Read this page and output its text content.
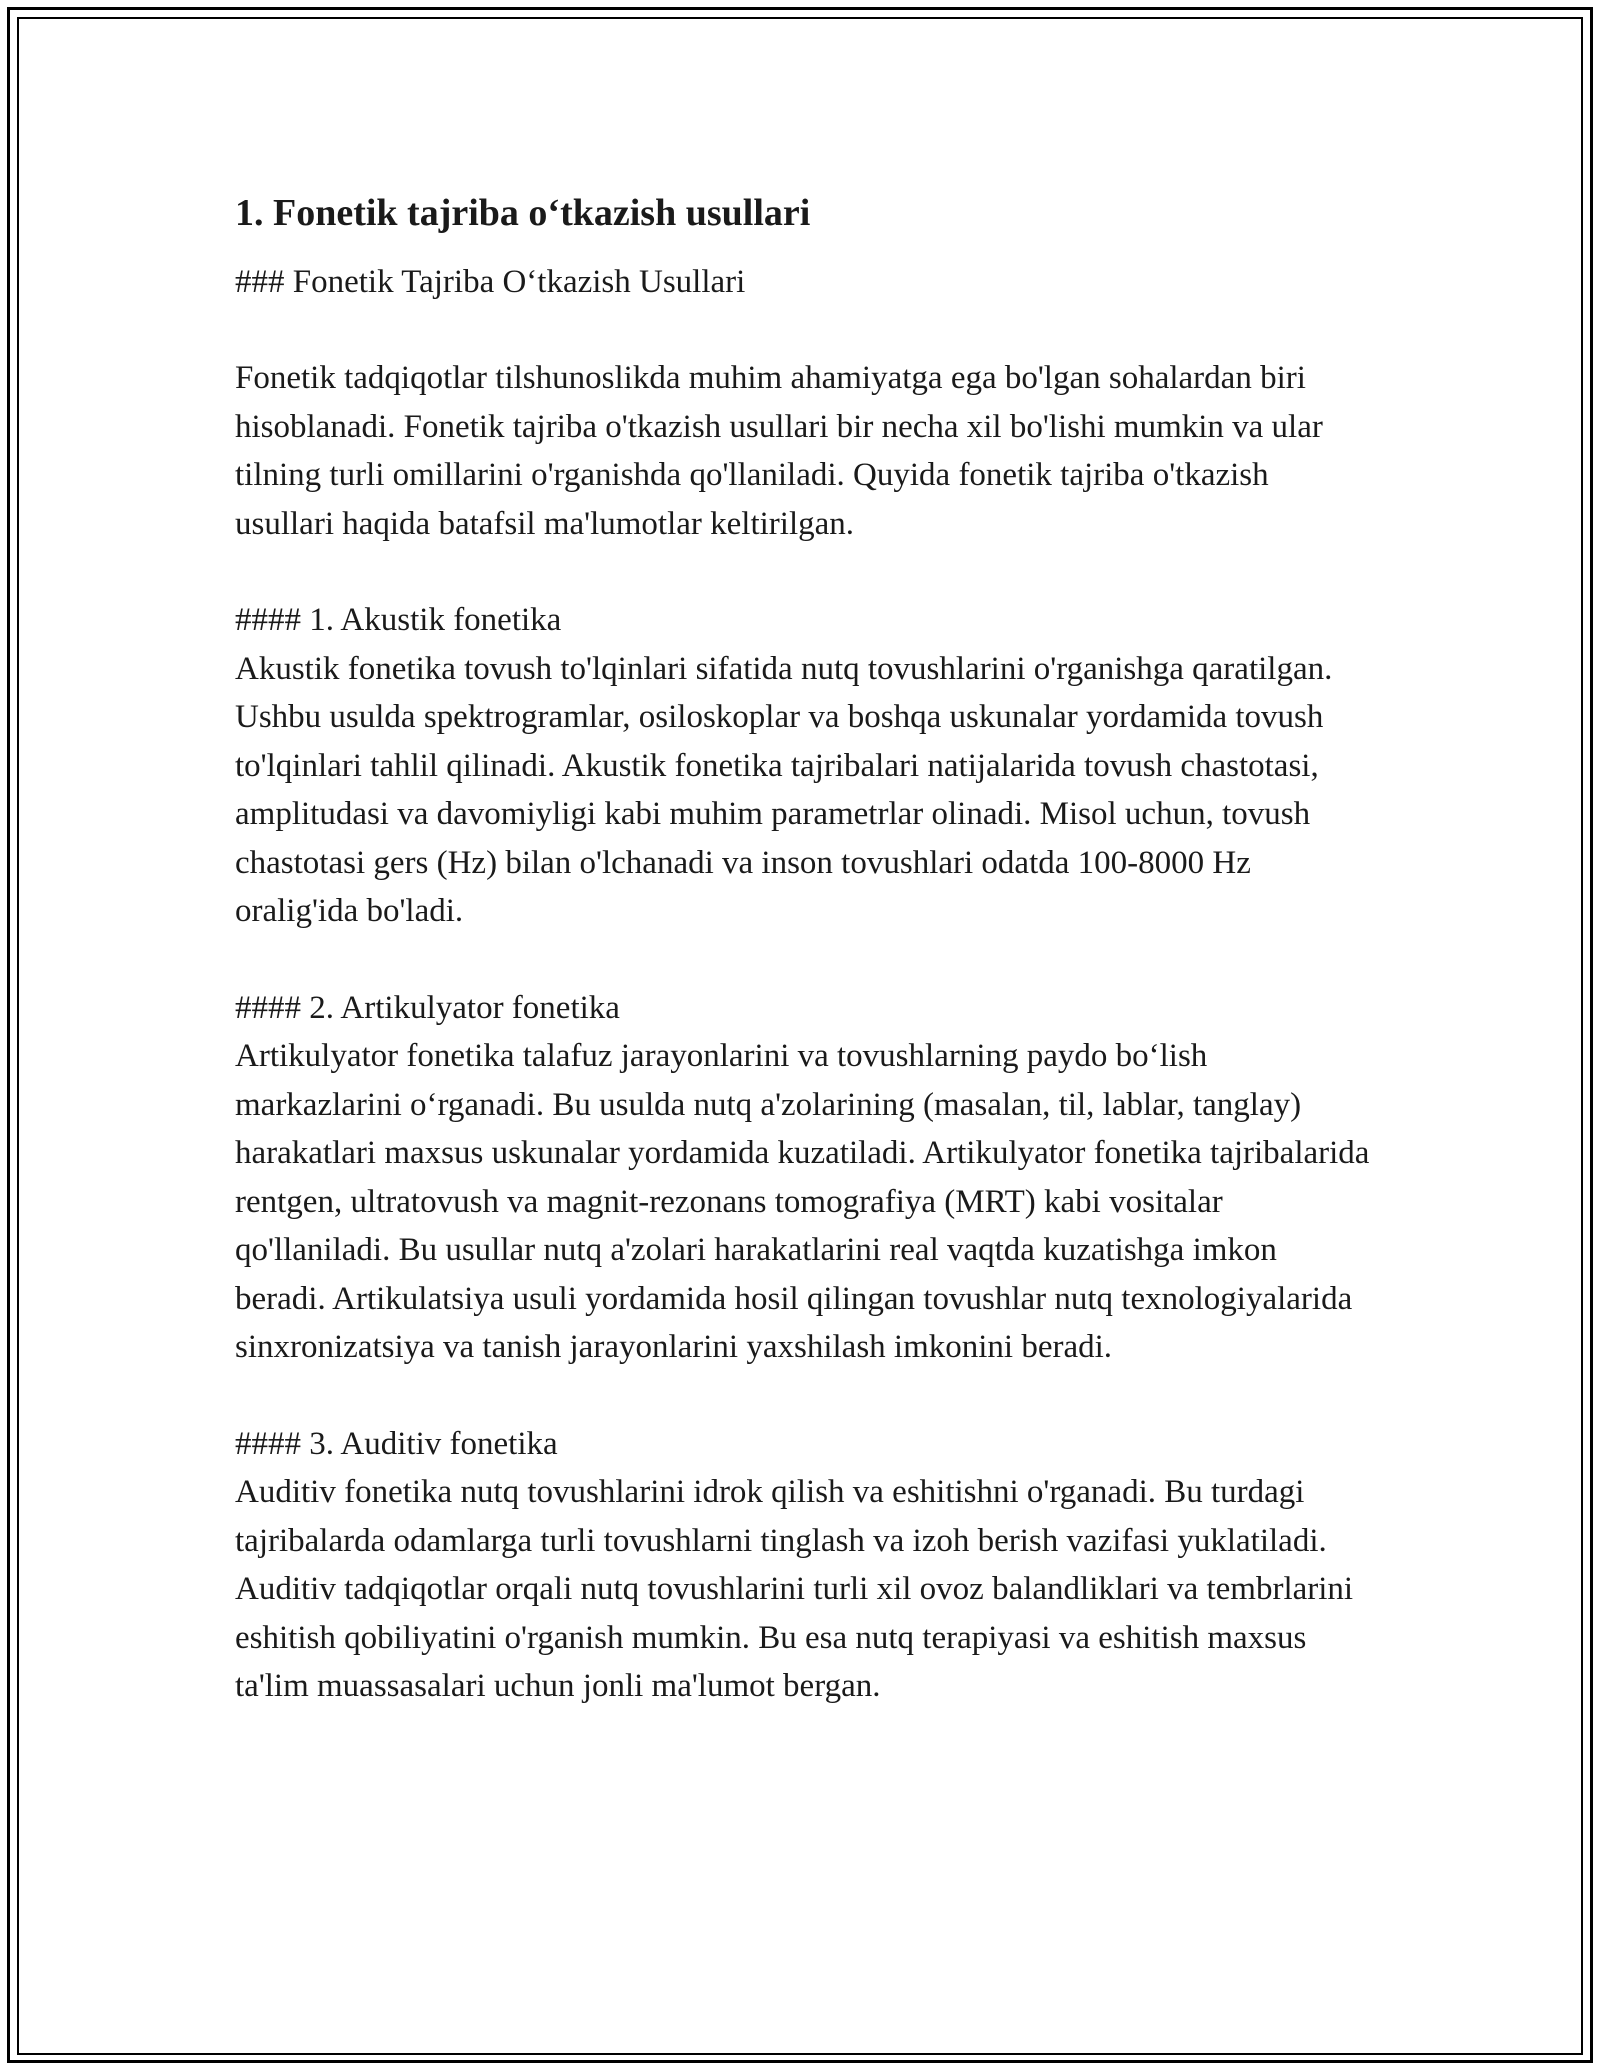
1. Fonetik tajriba o‘tkazish usullari

### Fonetik Tajriba O‘tkazish Usullari

Fonetik tadqiqotlar tilshunoslikda muhim ahamiyatga ega bo'lgan sohalardan biri hisoblanadi. Fonetik tajriba o'tkazish usullari bir necha xil bo'lishi mumkin va ular tilning turli omillarini o'rganishda qo'llaniladi. Quyida fonetik tajriba o'tkazish usullari haqida batafsil ma'lumotlar keltirilgan.

#### 1. Akustik fonetika

Akustik fonetika tovush to'lqinlari sifatida nutq tovushlarini o'rganishga qaratilgan. Ushbu usulda spektrogramlar, osiloskoplar va boshqa uskunalar yordamida tovush to'lqinlari tahlil qilinadi. Akustik fonetika tajribalari natijalarida tovush chastotasi, amplitudasi va davomiyligi kabi muhim parametrlar olinadi. Misol uchun, tovush chastotasi gers (Hz) bilan o'lchanadi va inson tovushlari odatda 100-8000 Hz oralig'ida bo'ladi.

#### 2. Artikulyator fonetika

Artikulyator fonetika talafuz jarayonlarini va tovushlarning paydo bo‘lish markazlarini o‘rganadi. Bu usulda nutq a'zolarining (masalan, til, lablar, tanglay) harakatlari maxsus uskunalar yordamida kuzatiladi. Artikulyator fonetika tajribalarida rentgen, ultratovush va magnit-rezonans tomografiya (MRT) kabi vositalar qo'llaniladi. Bu usullar nutq a'zolari harakatlarini real vaqtda kuzatishga imkon beradi. Artikulatsiya usuli yordamida hosil qilingan tovushlar nutq texnologiyalarida sinxronizatsiya va tanish jarayonlarini yaxshilash imkonini beradi.

#### 3. Auditiv fonetika

Auditiv fonetika nutq tovushlarini idrok qilish va eshitishni o'rganadi. Bu turdagi tajribalarda odamlarga turli tovushlarni tinglash va izoh berish vazifasi yuklatiladi. Auditiv tadqiqotlar orqali nutq tovushlarini turli xil ovoz balandliklari va tembrlarini eshitish qobiliyatini o'rganish mumkin. Bu esa nutq terapiyasi va eshitish maxsus ta'lim muassasalari uchun jonli ma'lumot bergan.
